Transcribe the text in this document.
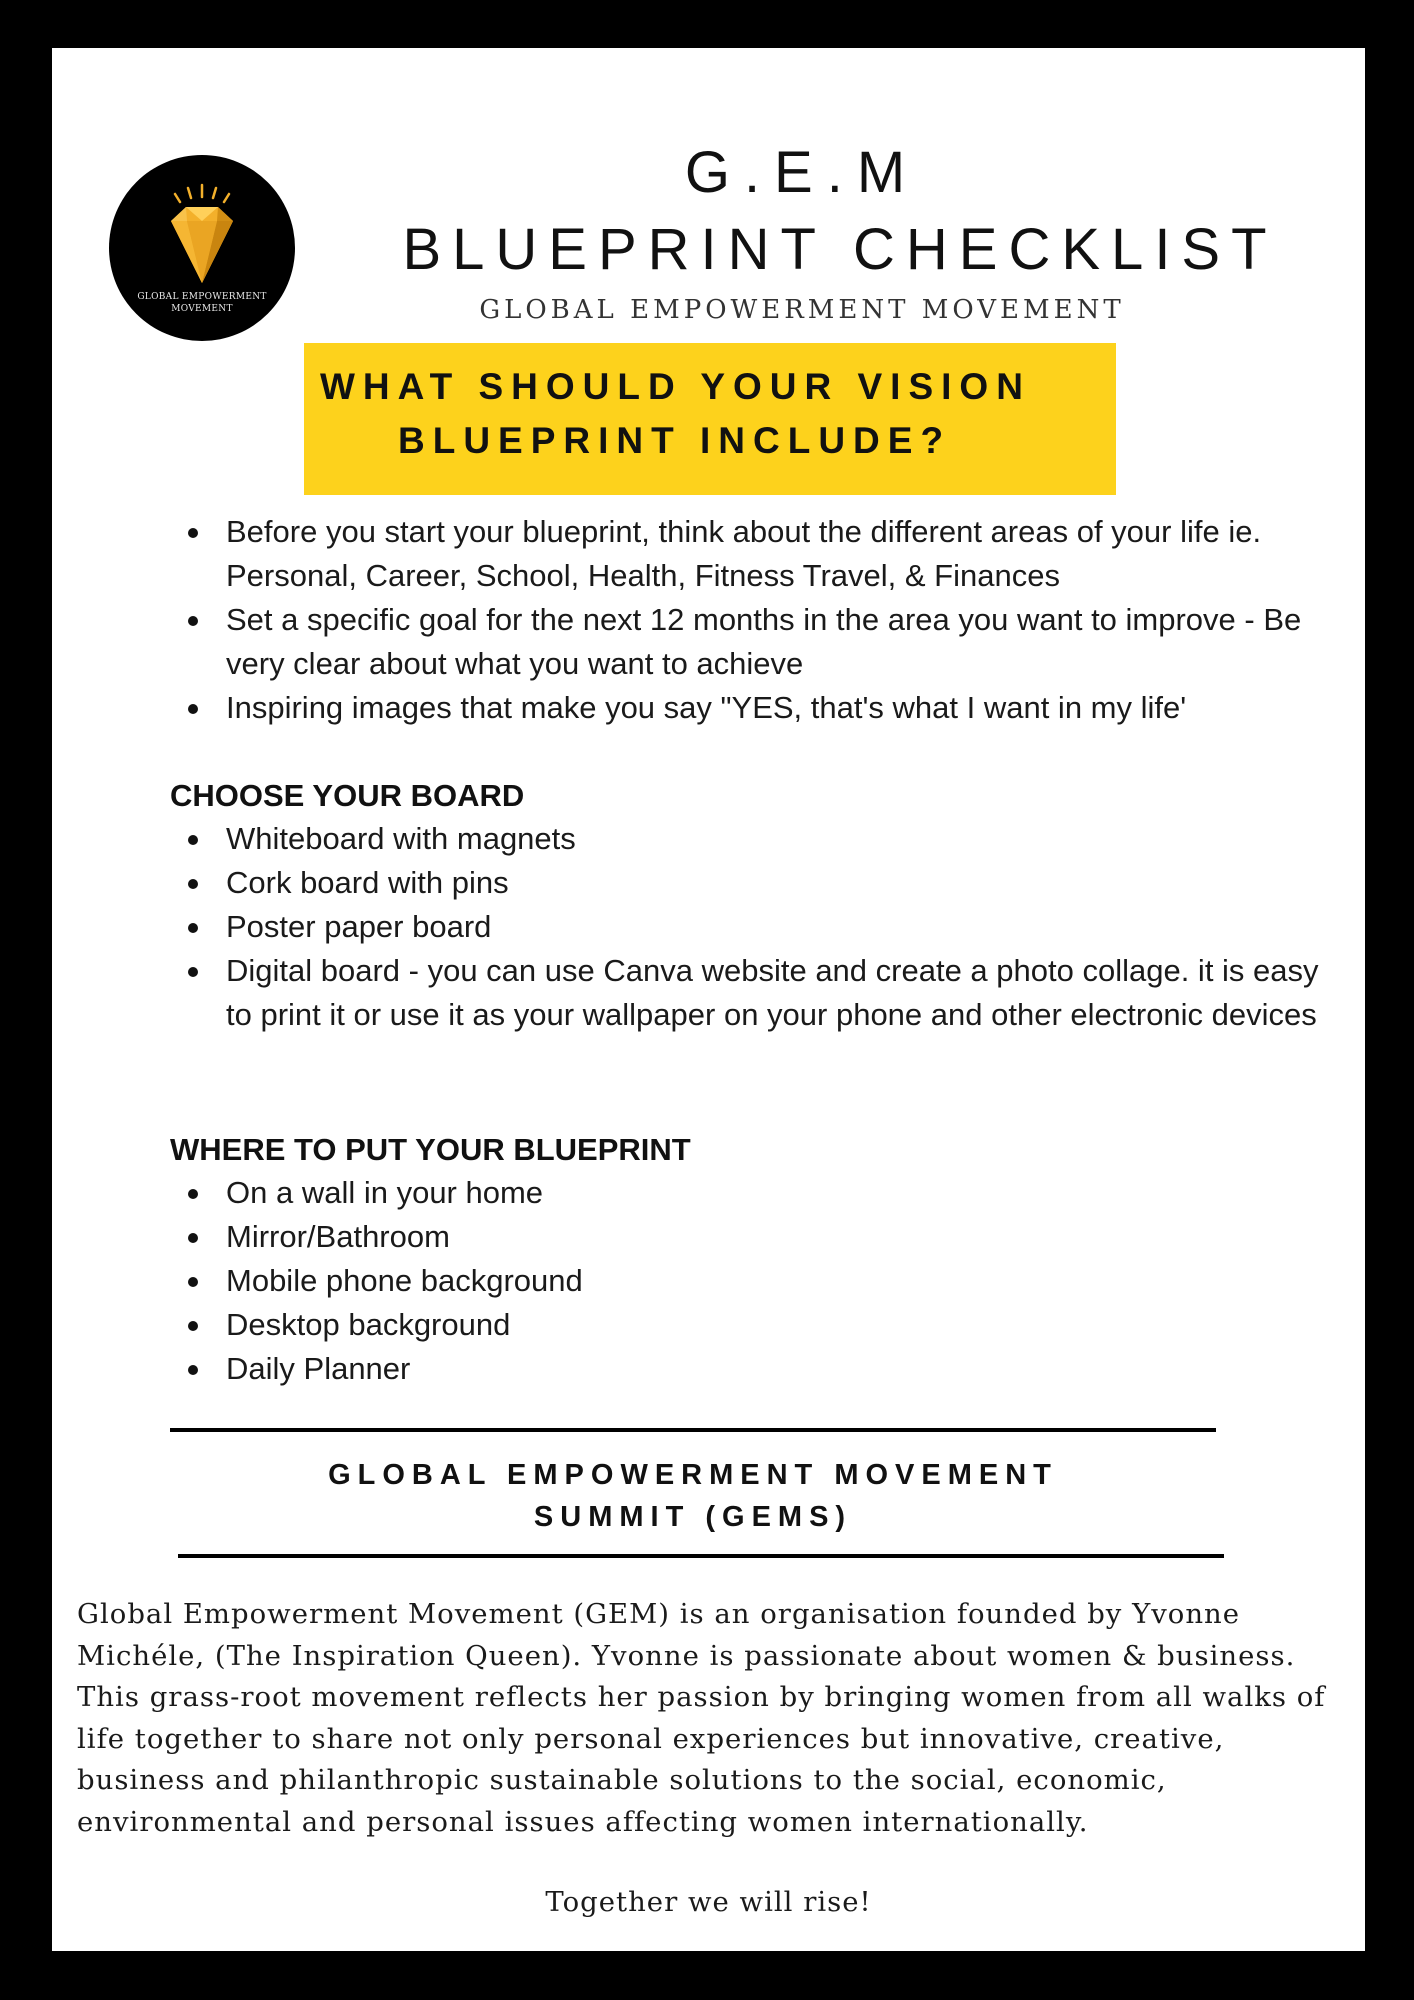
GLOBAL EMPOWERMENT
MOVEMENT
G.E.M
BLUEPRINT CHECKLIST
GLOBAL EMPOWERMENT MOVEMENT
WHAT SHOULD YOUR VISION
BLUEPRINT INCLUDE?
Before you start your blueprint, think about the different areas of your life ie. Personal, Career, School, Health, Fitness Travel, & Finances
Set a specific goal for the next 12 months in the area you want to improve - Be very clear about what you want to achieve
Inspiring images that make you say "YES, that's what I want in my life'
CHOOSE YOUR BOARD
Whiteboard with magnets
Cork board with pins
Poster paper board
Digital board - you can use Canva website and create a photo collage. it is easy to print it or use it as your wallpaper on your phone and other electronic devices
WHERE TO PUT YOUR BLUEPRINT
On a wall in your home
Mirror/Bathroom
Mobile phone background
Desktop background
Daily Planner
GLOBAL EMPOWERMENT MOVEMENT
SUMMIT (GEMS)

Global Empowerment Movement (GEM) is an organisation founded by Yvonne Michéle, (The Inspiration Queen). Yvonne is passionate about women & business. This grass-root movement reflects her passion by bringing women from all walks of life together to share not only personal experiences but innovative, creative, business and philanthropic sustainable solutions to the social, economic, environmental and personal issues affecting women internationally.

Together we will rise!
